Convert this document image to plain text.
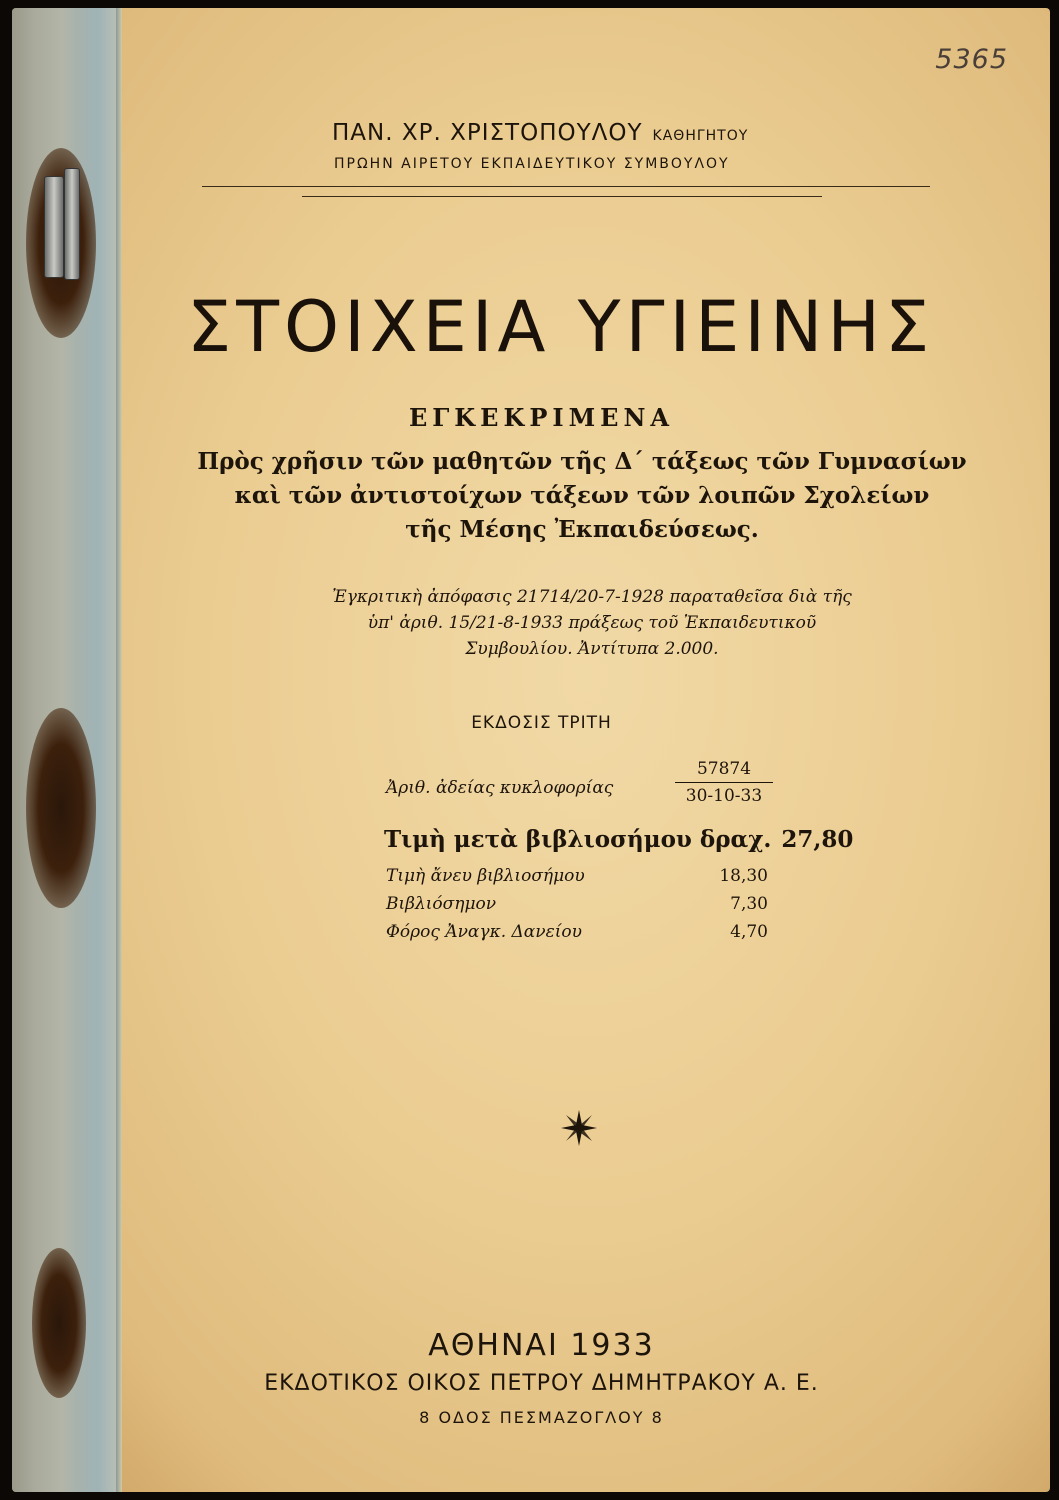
5365
ΠΑΝ. ΧΡ. ΧΡΙΣΤΟΠΟΥΛΟΥ ΚΑΘΗΓΗΤΟΥ
ΠΡΩΗΝ ΑΙΡΕΤΟΥ ΕΚΠΑΙΔΕΥΤΙΚΟΥ ΣΥΜΒΟΥΛΟΥ
ΣΤΟΙΧΕΙΑ ΥΓΙΕΙΝΗΣ
ΕΓΚΕΚΡΙΜΕΝΑ
Πρὸς χρῆσιν τῶν μαθητῶν τῆς Δ΄ τάξεως τῶν Γυμνασίων
καὶ τῶν ἀντιστοίχων τάξεων τῶν λοιπῶν Σχολείων
τῆς Μέσης Ἐκπαιδεύσεως.
Ἐγκριτικὴ ἀπόφασις 21714/20-7-1928 παραταθεῖσα διὰ τῆς
ὑπ' ἀριθ. 15/21-8-1933 πράξεως τοῦ Ἐκπαιδευτικοῦ
Συμβουλίου. Ἀντίτυπα 2.000.
ΕΚΔΟΣΙΣ ΤΡΙΤΗ
Ἀριθ. ἀδείας κυκλοφορίας	$\frac{57874}{30-10-33}$
Τιμὴ μετὰ βιβλιοσήμου δραχ. 27,80
Τιμὴ ἄνευ βιβλιοσήμου	18,30
Βιβλιόσημον	7,30
Φόρος Ἀναγκ. Δανείου	4,70
ΑΘΗΝΑΙ 1933
ΕΚΔΟΤΙΚΟΣ ΟΙΚΟΣ ΠΕΤΡΟΥ ΔΗΜΗΤΡΑΚΟΥ Α. Ε.
8 ΟΔΟΣ ΠΕΣΜΑΖΟΓΛΟΥ 8
